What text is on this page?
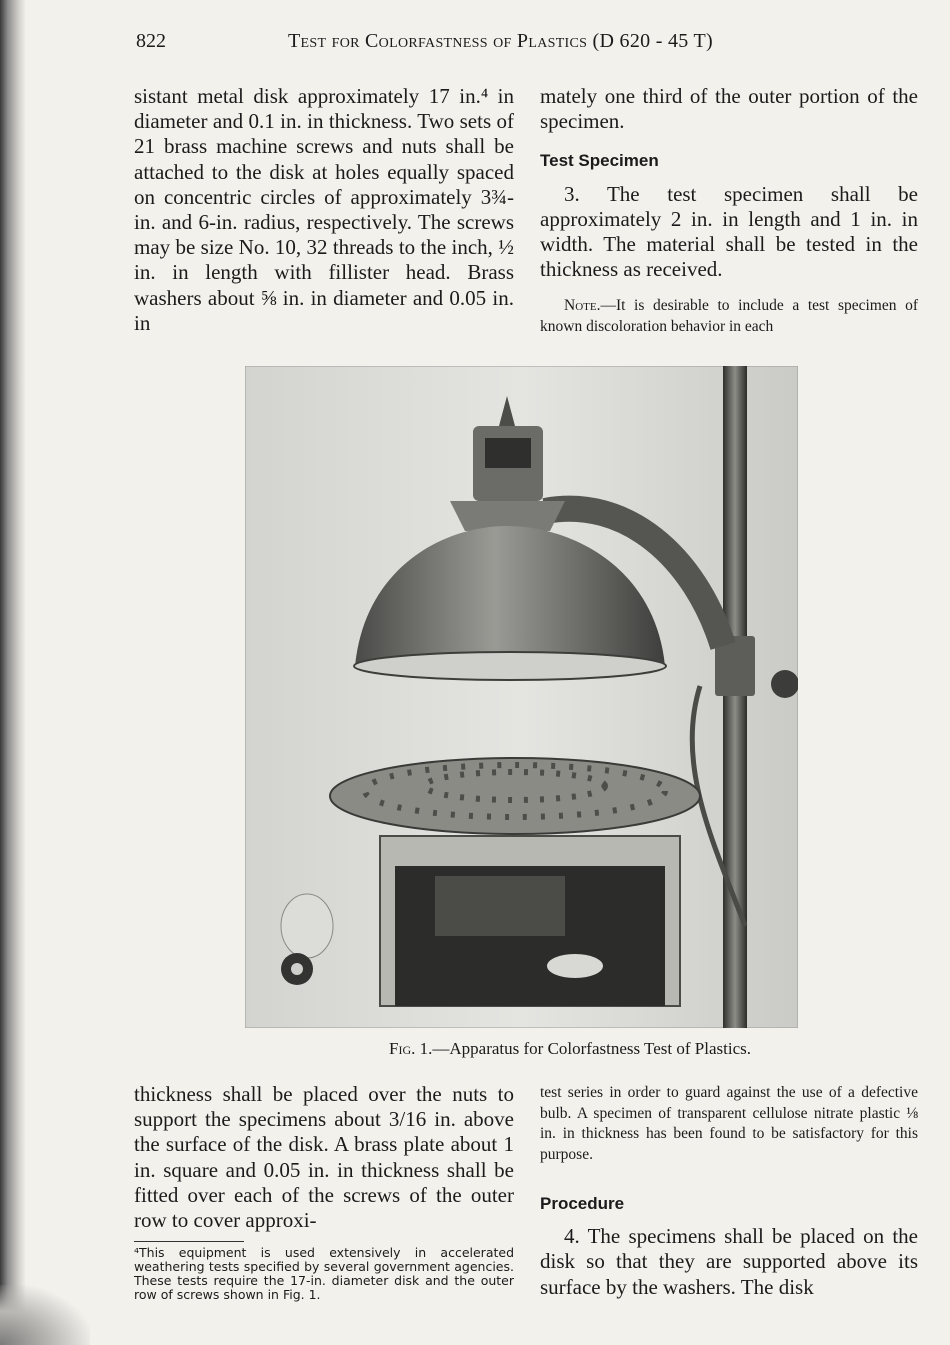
822	Test for Colorfastness of Plastics (D 620 - 45 T)

sistant metal disk approximately 17 in.⁴ in diameter and 0.1 in. in thickness. Two sets of 21 brass machine screws and nuts shall be attached to the disk at holes equally spaced on concentric circles of approximately 3¾-in. and 6-in. radius, respectively. The screws may be size No. 10, 32 threads to the inch, ½ in. in length with fillister head. Brass washers about ⅝ in. in diameter and 0.05 in. in

mately one third of the outer portion of the specimen.

Test Specimen

3. The test specimen shall be approximately 2 in. in length and 1 in. in width. The material shall be tested in the thickness as received.

Note.—It is desirable to include a test specimen of known discoloration behavior in each

Fig. 1.—Apparatus for Colorfastness Test of Plastics.

thickness shall be placed over the nuts to support the specimens about 3/16 in. above the surface of the disk. A brass plate about 1 in. square and 0.05 in. in thickness shall be fitted over each of the screws of the outer row to cover approxi-

⁴This equipment is used extensively in accelerated weathering tests specified by several government agencies. These tests require the 17-in. diameter disk and the outer row of screws shown in Fig. 1.

test series in order to guard against the use of a defective bulb. A specimen of transparent cellulose nitrate plastic ⅛ in. in thickness has been found to be satisfactory for this purpose.

Procedure

4. The specimens shall be placed on the disk so that they are supported above its surface by the washers. The disk
